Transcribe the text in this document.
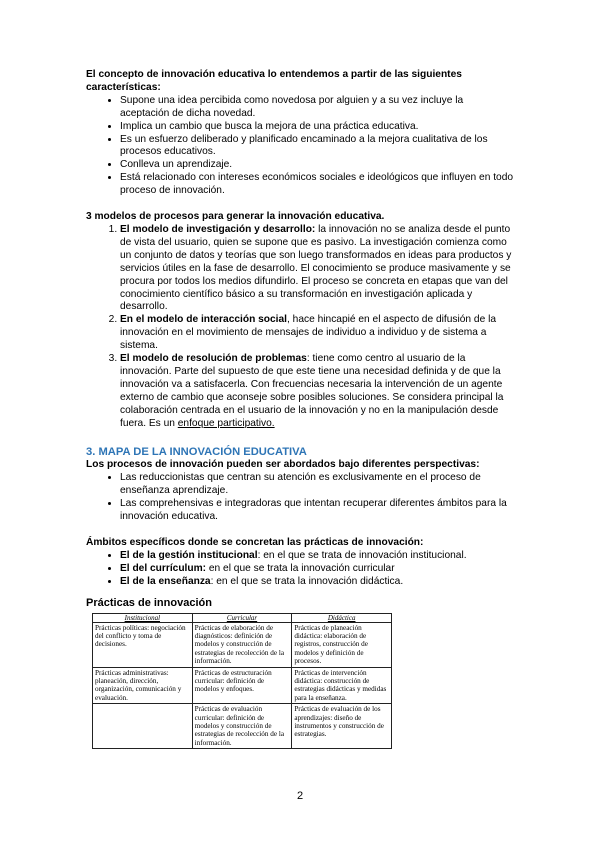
El concepto de innovación educativa lo entendemos a partir de las siguientes características:

• Supone una idea percibida como novedosa por alguien y a su vez incluye la aceptación de dicha novedad.
• Implica un cambio que busca la mejora de una práctica educativa.
• Es un esfuerzo deliberado y planificado encaminado a la mejora cualitativa de los procesos educativos.
• Conlleva un aprendizaje.
• Está relacionado con intereses económicos sociales e ideológicos que influyen en todo proceso de innovación.

3 modelos de procesos para generar la innovación educativa.

1. El modelo de investigación y desarrollo: la innovación no se analiza desde el punto de vista del usuario, quien se supone que es pasivo. La investigación comienza como un conjunto de datos y teorías que son luego transformados en ideas para productos y servicios útiles en la fase de desarrollo. El conocimiento se produce masivamente y se procura por todos los medios difundirlo. El proceso se concreta en etapas que van del conocimiento científico básico a su transformación en investigación aplicada y desarrollo.
2. En el modelo de interacción social, hace hincapié en el aspecto de difusión de la innovación en el movimiento de mensajes de individuo a individuo y de sistema a sistema.
3. El modelo de resolución de problemas: tiene como centro al usuario de la innovación. Parte del supuesto de que este tiene una necesidad definida y de que la innovación va a satisfacerla. Con frecuencias necesaria la intervención de un agente externo de cambio que aconseje sobre posibles soluciones. Se considera principal la colaboración centrada en el usuario de la innovación y no en la manipulación desde fuera. Es un enfoque participativo.

3. MAPA DE LA INNOVACIÓN EDUCATIVA

Los procesos de innovación pueden ser abordados bajo diferentes perspectivas:

• Las reduccionistas que centran su atención es exclusivamente en el proceso de enseñanza aprendizaje.
• Las comprehensivas e integradoras que intentan recuperar diferentes ámbitos para la innovación educativa.

Ámbitos específicos donde se concretan las prácticas de innovación:

• El de la gestión institucional: en el que se trata de innovación institucional.
• El del currículum: en el que se trata la innovación curricular
• El de la enseñanza: en el que se trata la innovación didáctica.

Prácticas de innovación

Institucional	Curricular	Didáctica
Prácticas políticas: negociación del conflicto y toma de decisiones.	Prácticas de elaboración de diagnósticos: definición de modelos y construcción de estrategias de recolección de la información.	Prácticas de planeación didáctica: elaboración de registros, construcción de modelos y definición de procesos.
Prácticas administrativas: planeación, dirección, organización, comunicación y evaluación.	Prácticas de estructuración curricular: definición de modelos y enfoques.	Prácticas de intervención didáctica: construcción de estrategias didácticas y medidas para la enseñanza.
	Prácticas de evaluación curricular: definición de modelos y construcción de estrategias de recolección de la información.	Prácticas de evaluación de los aprendizajes: diseño de instrumentos y construcción de estrategias.
2
